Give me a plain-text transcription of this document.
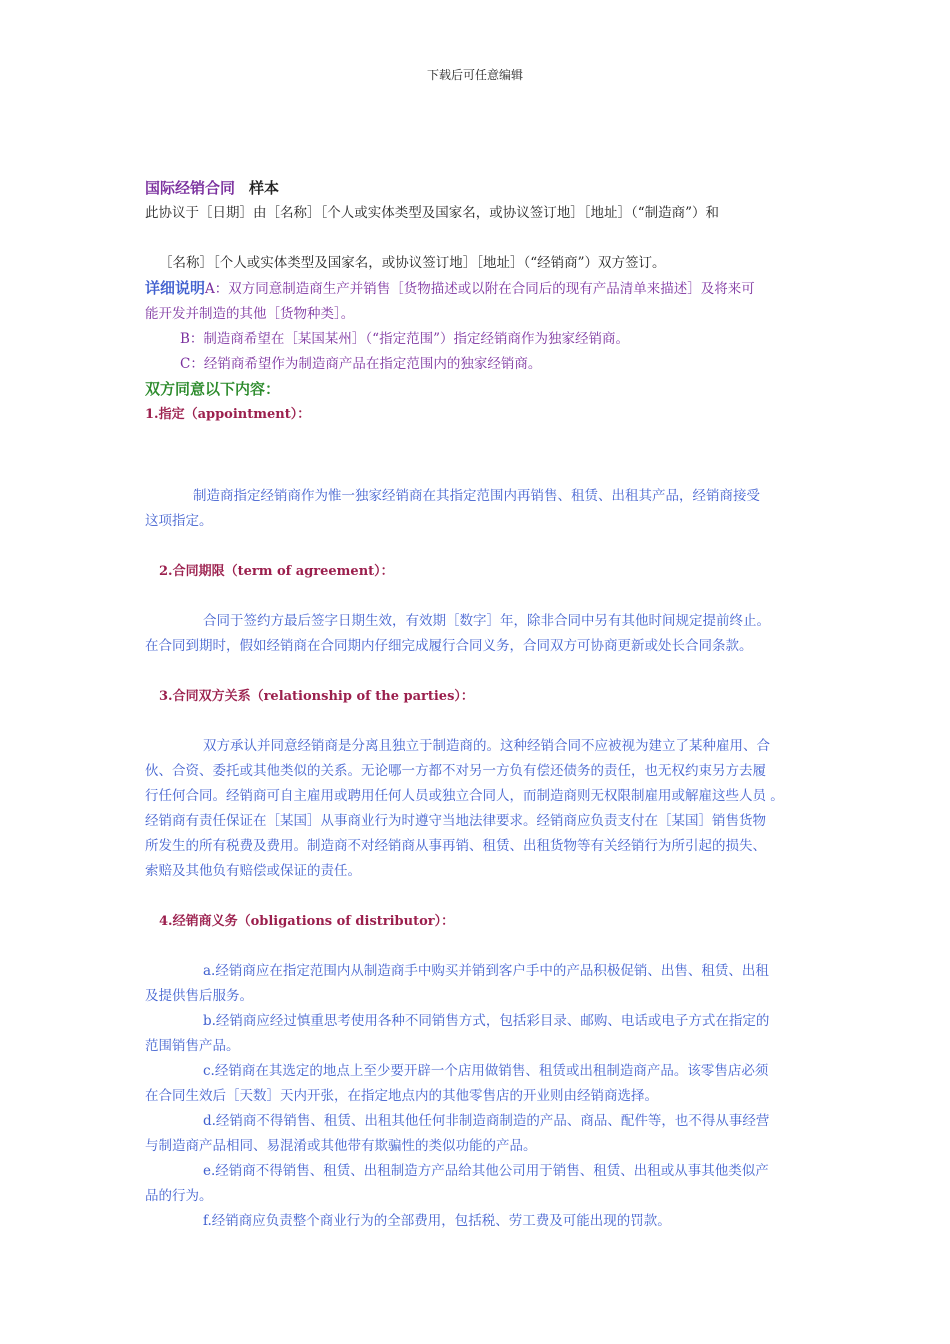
下载后可任意编辑
国际经销合同 样本
此协议于［日期］由［名称］［个人或实体类型及国家名，或协议签订地］［地址］（“制造商”）和
［名称］［个人或实体类型及国家名，或协议签订地］［地址］（“经销商”）双方签订。
详细说明A：双方同意制造商生产并销售［货物描述或以附在合同后的现有产品清单来描述］及将来可
能开发并制造的其他［货物种类］。
B：制造商希望在［某国某州］（“指定范围”）指定经销商作为独家经销商。
C：经销商希望作为制造商产品在指定范围内的独家经销商。
双方同意以下内容：
1.指定（appointment）：
制造商指定经销商作为惟一独家经销商在其指定范围内再销售、租赁、出租其产品，经销商接受
这项指定。
2.合同期限（term of agreement）：
合同于签约方最后签字日期生效，有效期［数字］年，除非合同中另有其他时间规定提前终止。
在合同到期时，假如经销商在合同期内仔细完成履行合同义务，合同双方可协商更新或处长合同条款。
3.合同双方关系（relationship of the parties）：
双方承认并同意经销商是分离且独立于制造商的。这种经销合同不应被视为建立了某种雇用、合
伙、合资、委托或其他类似的关系。无论哪一方都不对另一方负有偿还债务的责任，也无权约束另方去履
行任何合同。经销商可自主雇用或聘用任何人员或独立合同人，而制造商则无权限制雇用或解雇这些人员 。
经销商有责任保证在［某国］从事商业行为时遵守当地法律要求。经销商应负责支付在［某国］销售货物
所发生的所有税费及费用。制造商不对经销商从事再销、租赁、出租货物等有关经销行为所引起的损失、
索赔及其他负有赔偿或保证的责任。
4.经销商义务（obligations of distributor）：
a.经销商应在指定范围内从制造商手中购买并销到客户手中的产品积极促销、出售、租赁、出租
及提供售后服务。
b.经销商应经过慎重思考使用各种不同销售方式，包括彩目录、邮购、电话或电子方式在指定的
范围销售产品。
c.经销商在其选定的地点上至少要开辟一个店用做销售、租赁或出租制造商产品。该零售店必须
在合同生效后［天数］天内开张，在指定地点内的其他零售店的开业则由经销商选择。
d.经销商不得销售、租赁、出租其他任何非制造商制造的产品、商品、配件等，也不得从事经营
与制造商产品相同、易混淆或其他带有欺骗性的类似功能的产品。
e.经销商不得销售、租赁、出租制造方产品给其他公司用于销售、租赁、出租或从事其他类似产
品的行为。
f.经销商应负责整个商业行为的全部费用，包括税、劳工费及可能出现的罚款。
